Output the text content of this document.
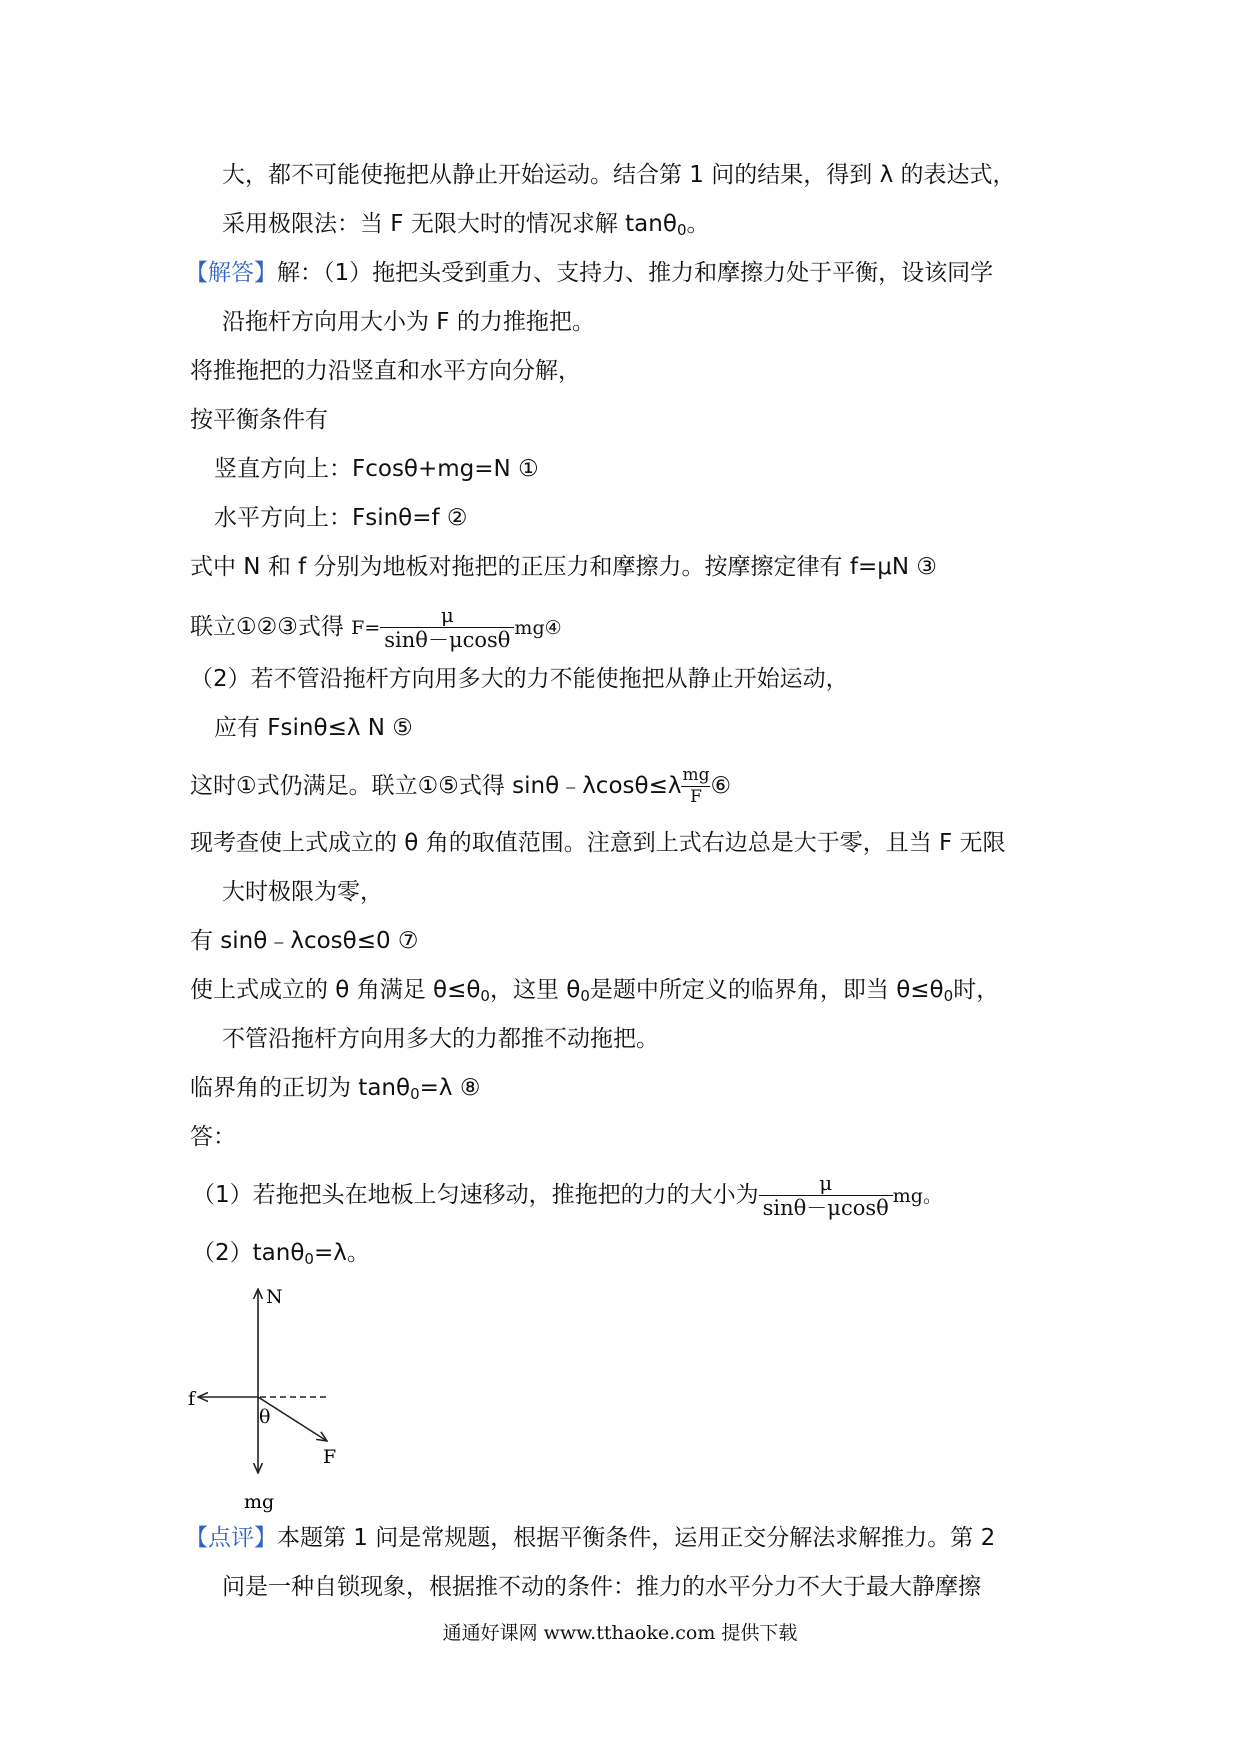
大，都不可能使拖把从静止开始运动。结合第 1 问的结果，得到 λ 的表达式，
采用极限法：当 F 无限大时的情况求解 tanθ$_0$。
【解答】解：（1）拖把头受到重力、支持力、推力和摩擦力处于平衡，设该同学
沿拖杆方向用大小为 F 的力推拖把。
将推拖把的力沿竖直和水平方向分解，
按平衡条件有
竖直方向上：Fcosθ+mg=N ①
水平方向上：Fsinθ=f ②
式中 N 和 f 分别为地板对拖把的正压力和摩擦力。按摩擦定律有 f=μN ③
联立①②③式得 $F= \frac{\mu}{\sin\theta-\mu\cos\theta}$ mg④
（2）若不管沿拖杆方向用多大的力不能使拖把从静止开始运动，
应有 Fsinθ≤λ N ⑤
这时①式仍满足。联立①⑤式得 sinθ﹣λcosθ≤λ $\frac{mg}{F}$ ⑥
现考查使上式成立的 θ 角的取值范围。注意到上式右边总是大于零，且当 F 无限
大时极限为零，
有 sinθ﹣λcosθ≤0 ⑦
使上式成立的 θ 角满足 $\theta\le\theta_0$，这里 $\theta_0$是题中所定义的临界角，即当 $\theta\le\theta_0$时，
不管沿拖杆方向用多大的力都推不动拖把。
临界角的正切为 tanθ$_0$=λ ⑧
答：
（1）若拖把头在地板上匀速移动，推拖把的力的大小为 $\frac{\mu}{\sin\theta-\mu\cos\theta}$ mg。
（2）tanθ$_0$=λ。
N
f
θ
F
mg
【点评】本题第 1 问是常规题，根据平衡条件，运用正交分解法求解推力。第 2
问是一种自锁现象，根据推不动的条件：推力的水平分力不大于最大静摩擦
通通好课网 www.tthaoke.com 提供下载
